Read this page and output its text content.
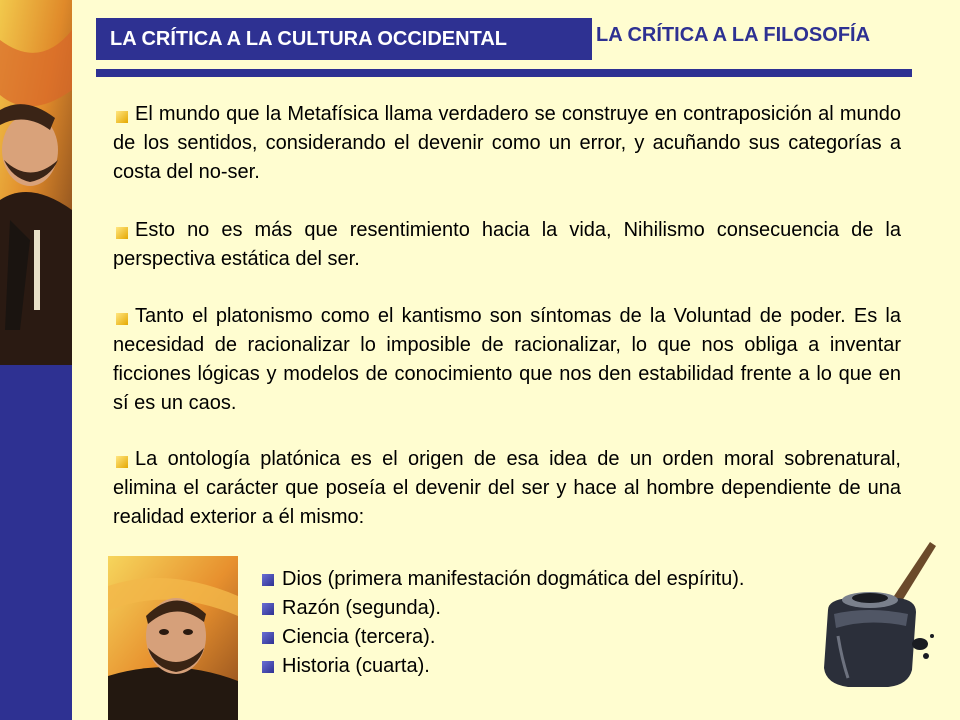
LA CRÍTICA A LA CULTURA OCCIDENTAL	LA CRÍTICA A LA FILOSOFÍA
El mundo que la Metafísica llama verdadero se construye en contraposición al mundo de los sentidos, considerando el devenir como un error, y acuñando sus categorías a costa del no-ser.
Esto no es más que resentimiento hacia la vida, Nihilismo consecuencia de la perspectiva estática del ser.
Tanto el platonismo como el kantismo son síntomas de la Voluntad de poder. Es la necesidad de racionalizar lo imposible de racionalizar, lo que nos obliga a inventar ficciones lógicas y modelos de conocimiento que nos den estabilidad frente a lo que en sí es un caos.
La ontología platónica es el origen de esa idea de un orden moral sobrenatural, elimina el carácter que poseía el devenir del ser y hace al hombre dependiente de una realidad exterior a él mismo:
Dios (primera manifestación dogmática del espíritu).
Razón (segunda).
Ciencia (tercera).
Historia (cuarta).
